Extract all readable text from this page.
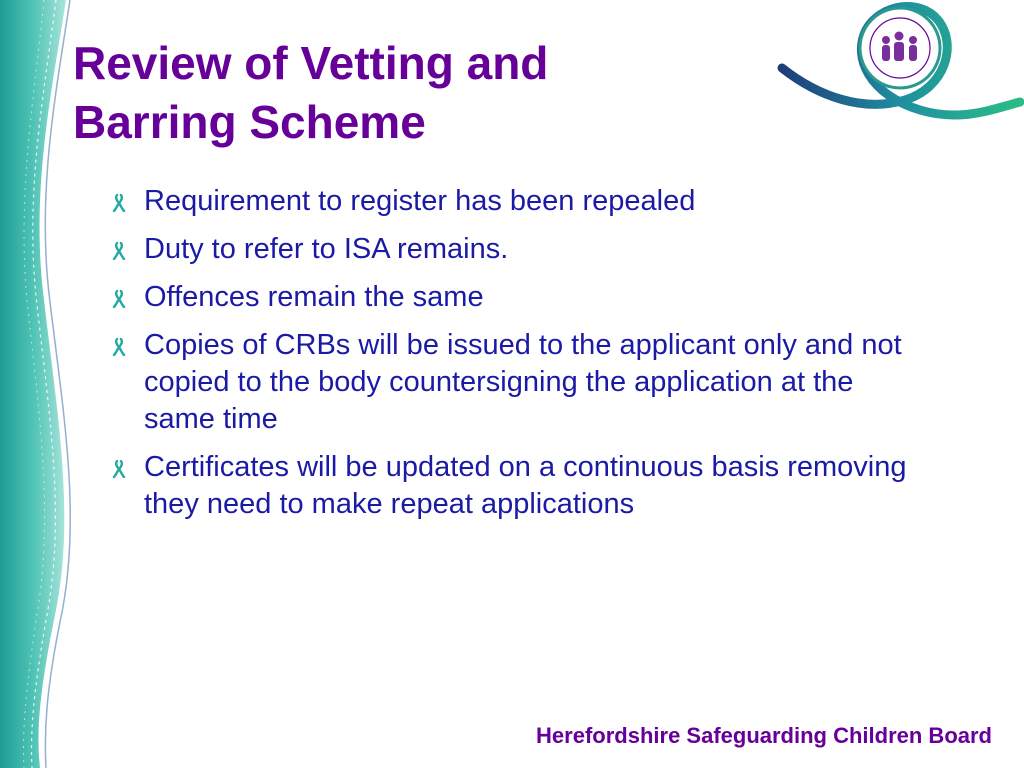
Review of Vetting and
Barring Scheme
Requirement to register has been repealed
Duty to refer to ISA remains.
Offences remain the same
Copies of CRBs will be issued to the applicant only and not copied to the body countersigning the application at the same time
Certificates will be updated on a continuous basis removing they need to make repeat applications

Herefordshire Safeguarding Children Board
